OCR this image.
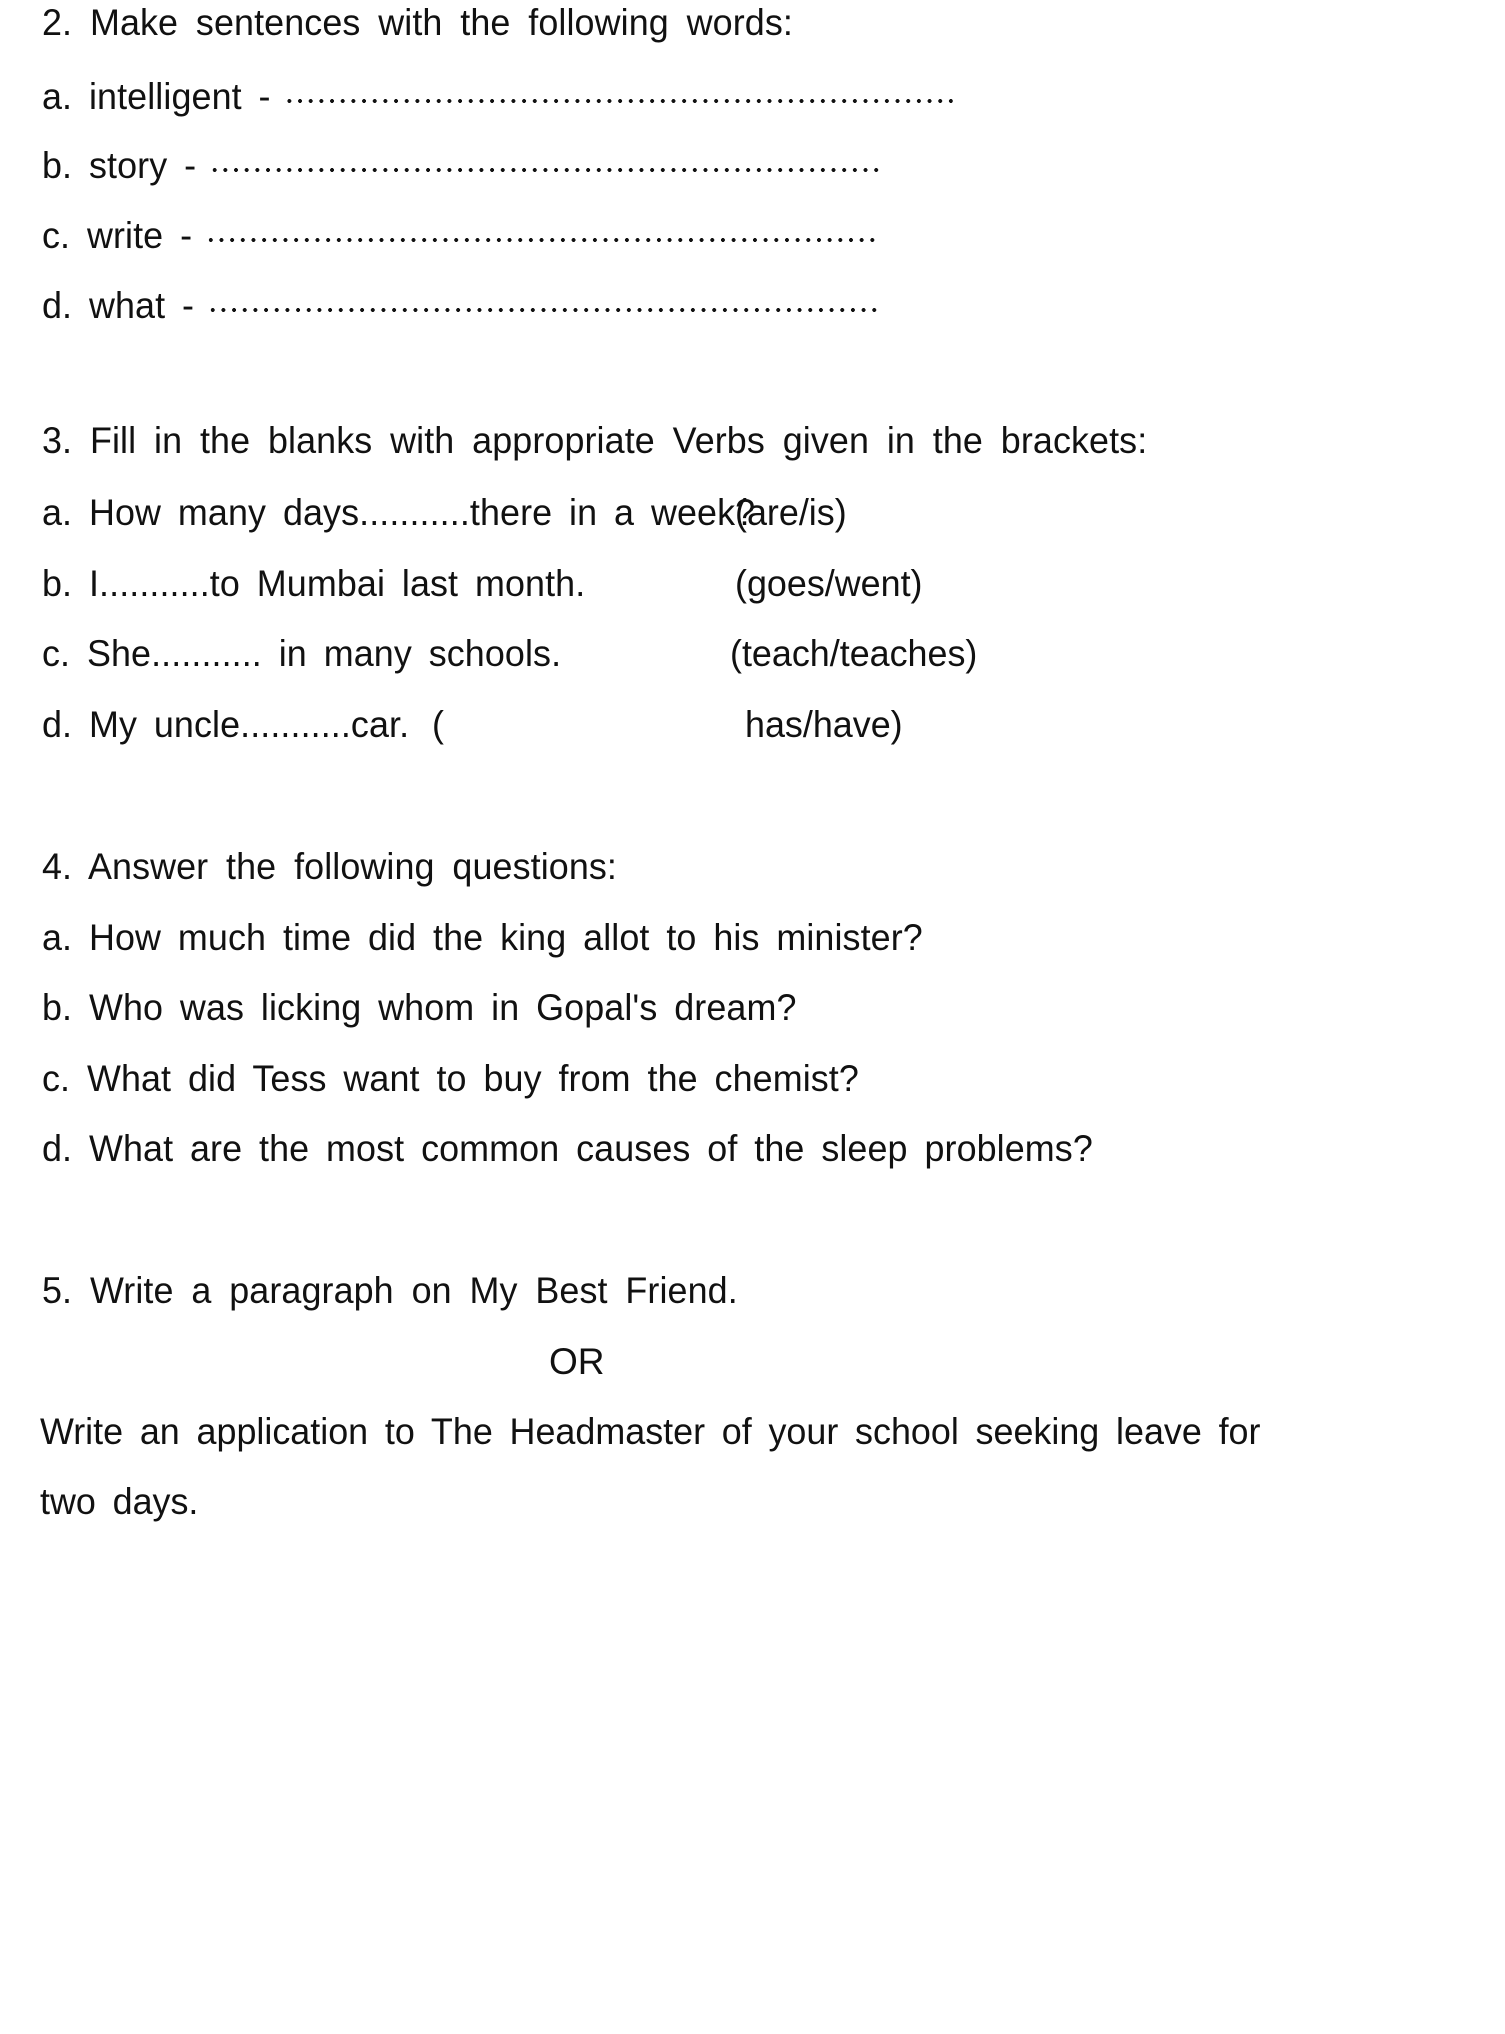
2. Make sentences with the following words:
a. intelligent -
b. story -
c. write -
d. what -
3. Fill in the blanks with appropriate Verbs given in the brackets:
a. How many days...........there in a week?
(are/is)
b. I...........to Mumbai last month.	(goes/went)
c. She........... in many schools.	(teach/teaches)
d. My uncle...........car. (	has/have)
4. Answer the following questions:
a. How much time did the king allot to his minister?
b. Who was licking whom in Gopal's dream?
c. What did Tess want to buy from the chemist?
d. What are the most common causes of the sleep problems?
5. Write a paragraph on My Best Friend.
OR
Write an application to The Headmaster of your school seeking leave for
two days.
